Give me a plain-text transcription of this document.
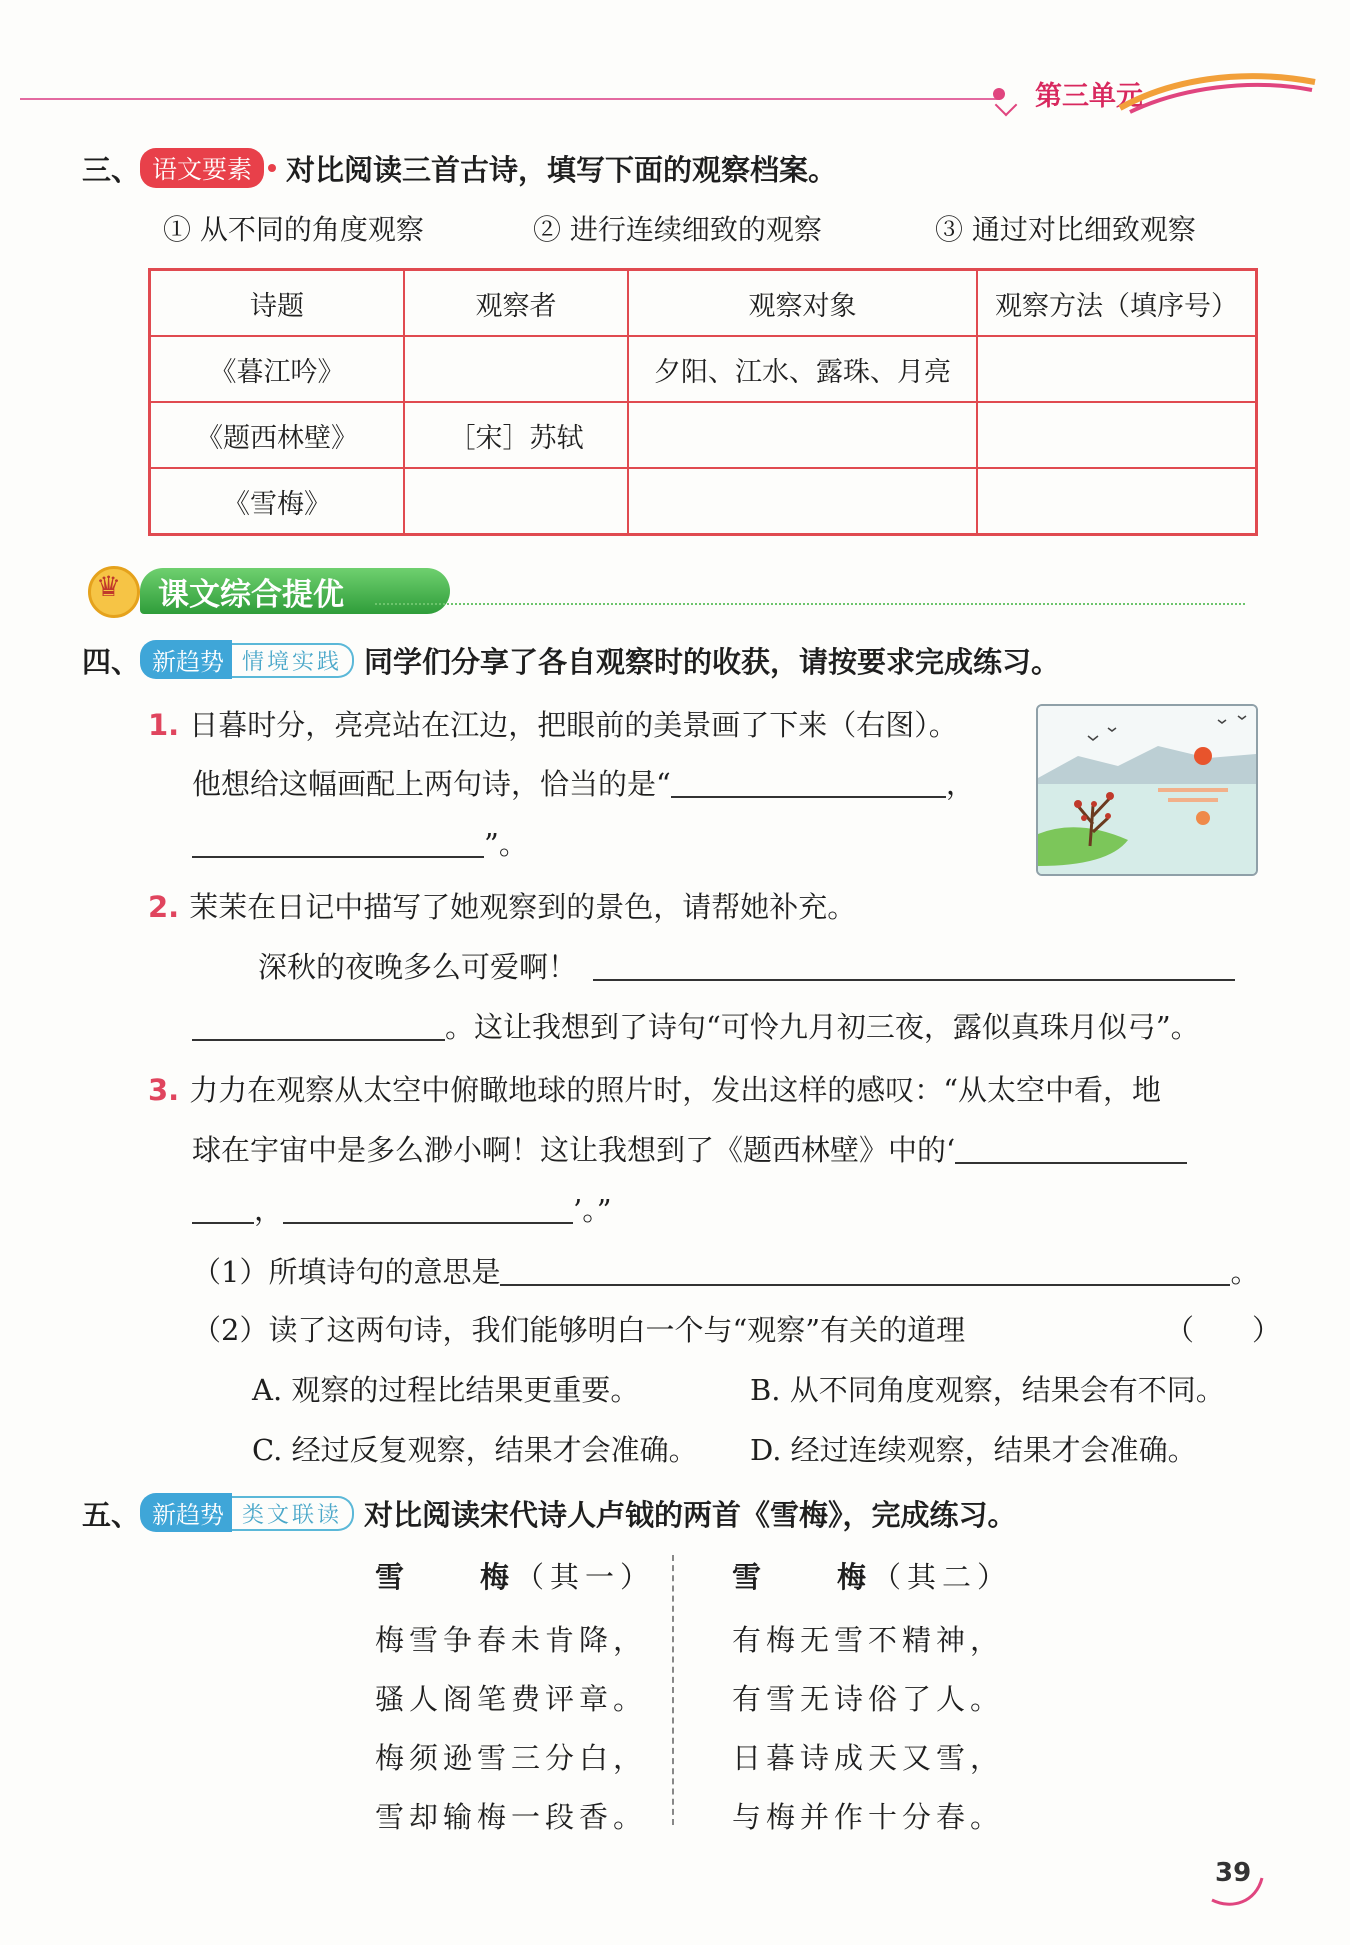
第三单元
三、 语文要素 对比阅读三首古诗，填写下面的观察档案。
① 从不同的角度观察	② 进行连续细致的观察	③ 通过对比细致观察
诗题	观察者	观察对象	观察方法（填序号）
《暮江吟》		夕阳、江水、露珠、月亮	
《题西林壁》	［宋］苏轼		
《雪梅》			
课文综合提优
♛
四、 新趋势 情境实践 同学们分享了各自观察时的收获，请按要求完成练习。
1. 日暮时分，亮亮站在江边，把眼前的美景画了下来（右图）。
他想给这幅画配上两句诗，恰当的是“	，
”。
2. 茉茉在日记中描写了她观察到的景色，请帮她补充。
深秋的夜晚多么可爱啊！
。这让我想到了诗句“可怜九月初三夜，露似真珠月似弓”。
3. 力力在观察从太空中俯瞰地球的照片时，发出这样的感叹：“从太空中看，地
球在宇宙中是多么渺小啊！这让我想到了《题西林壁》中的‘
，	’。”
（1）所填诗句的意思是	。
（2）读了这两句诗，我们能够明白一个与“观察”有关的道理	（　　）
A. 观察的过程比结果更重要。	B. 从不同角度观察，结果会有不同。
C. 经过反复观察，结果才会准确。 D. 经过连续观察，结果才会准确。
五、 新趋势 类文联读 对比阅读宋代诗人卢钺的两首《雪梅》，完成练习。
雪　　梅（其一）
梅雪争春未肯降，
骚人阁笔费评章。
梅须逊雪三分白，
雪却输梅一段香。
雪　　梅（其二）
有梅无雪不精神，
有雪无诗俗了人。
日暮诗成天又雪，
与梅并作十分春。
39
